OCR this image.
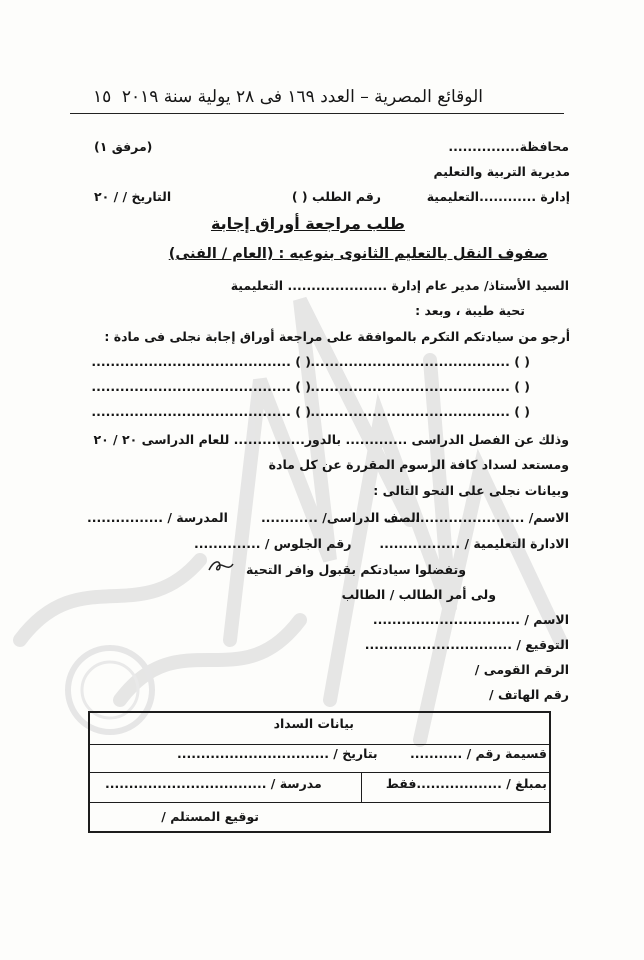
١٥ الوقائع المصرية – العدد ١٦٩ فى ٢٨ يولية سنة ٢٠١٩
محافظة...............
(مرفق ١)
مديرية التربية والتعليم
إدارة ............التعليمية
رقم الطلب ( )
التاريخ / / ٢٠
طلب مراجعة أوراق إجابة
صفوف النقل بالتعليم الثانوى بنوعيه : (العام / الفنى)
السيد الأستاذ/ مدير عام إدارة ..................... التعليمية
تحية طيبة ، وبعد :
أرجو من سيادتكم التكرم بالموافقة على مراجعة أوراق إجابة نجلى فى مادة :
( ) ..........................................
( ) ..........................................
( ) ..........................................
( ) ..........................................
( ) ..........................................
( ) ..........................................
وذلك عن الفصل الدراسى ............. بالدور............... للعام الدراسى ٢٠ / ٢٠
ومستعد لسداد كافة الرسوم المقررة عن كل مادة
وبيانات نجلى على النحو التالى :
الاسم/ .............................
الصف الدراسى/ ............
المدرسة / ................
الادارة التعليمية / .................
رقم الجلوس / ..............
وتفضلوا سيادتكم بقبول وافر التحية
ولى أمر الطالب / الطالب
الاسم / ...............................
التوقيع / ...............................
الرقم القومى /
رقم الهاتف /
بيانات السداد
قسيمة رقم / ...........
بتاريخ / ................................
بمبلغ / ..................فقط
مدرسة / ..................................
توقيع المستلم /
